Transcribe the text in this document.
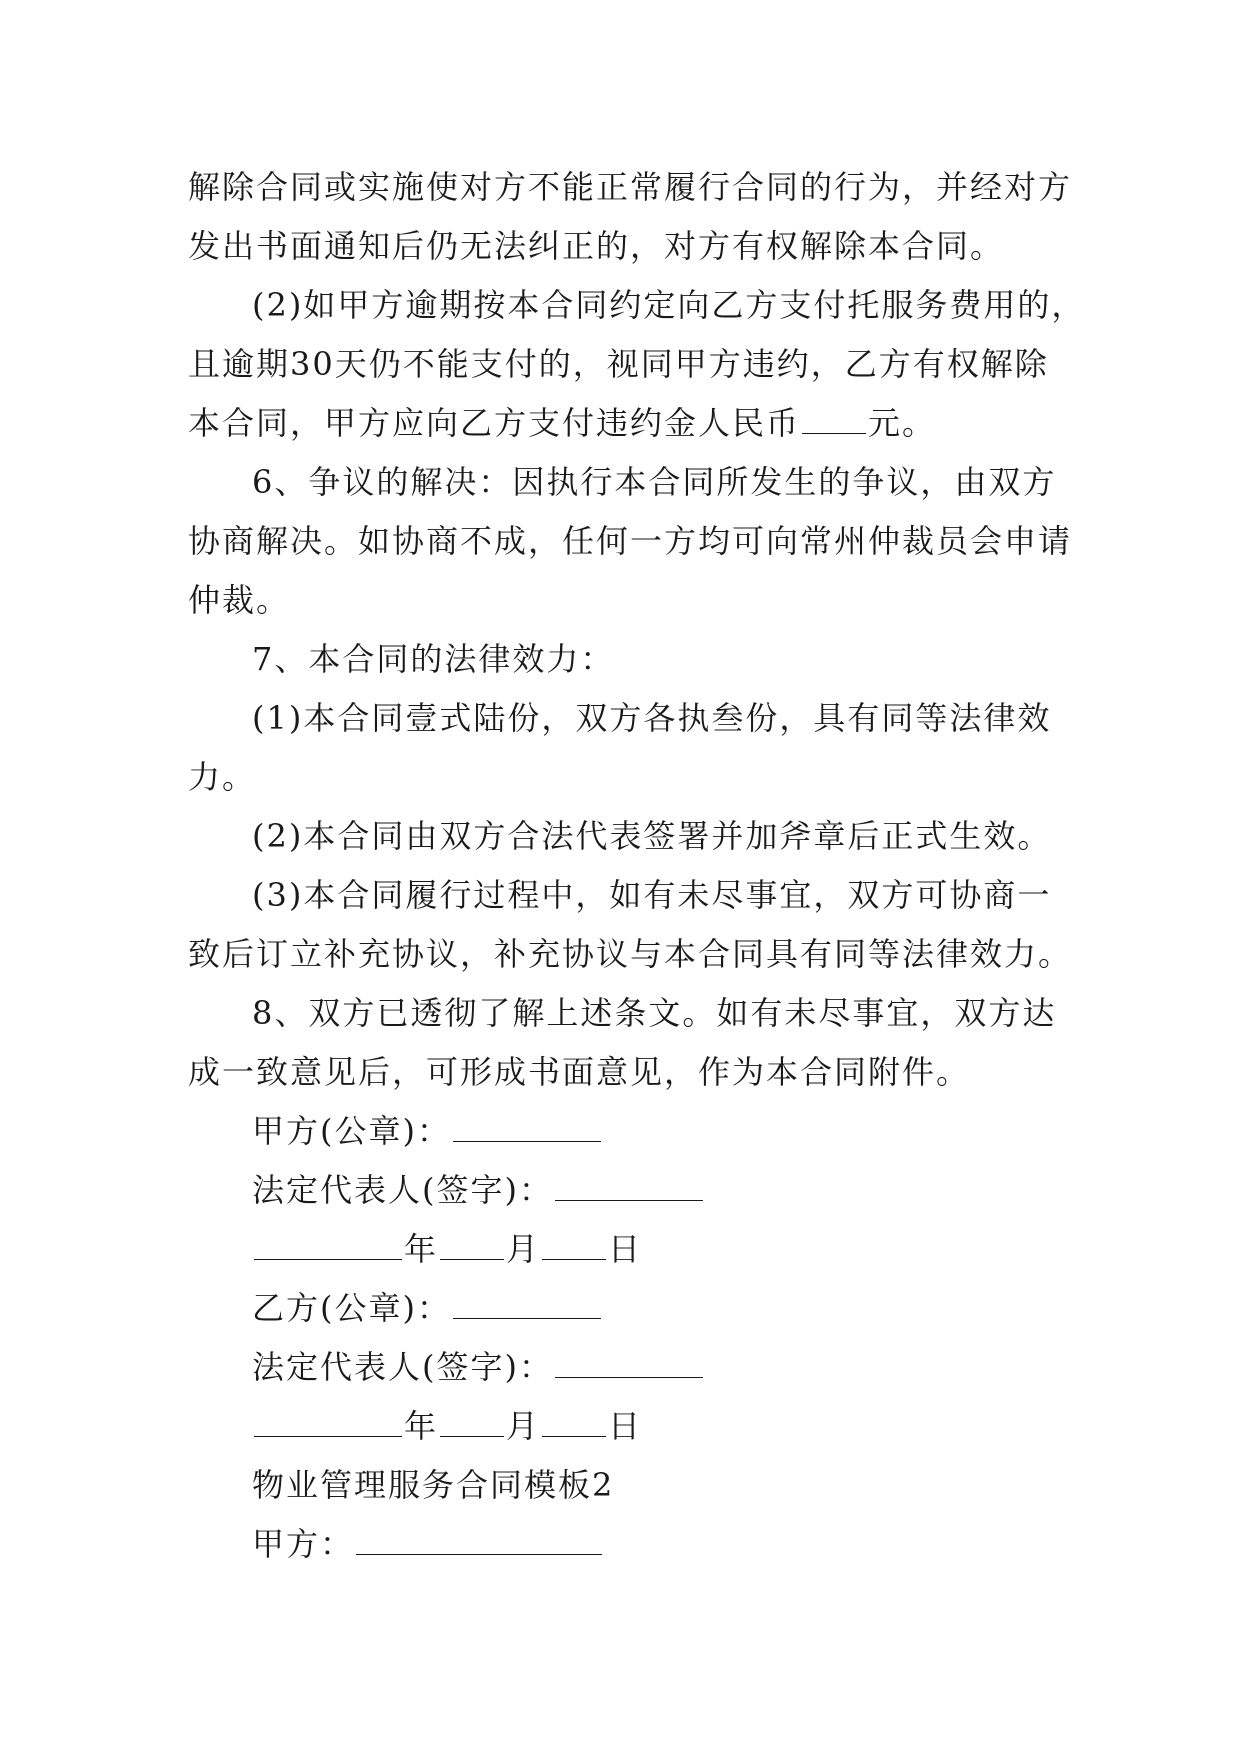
解除合同或实施使对方不能正常履行合同的行为，并经对方
发出书面通知后仍无法纠正的，对方有权解除本合同。
(2)如甲方逾期按本合同约定向乙方支付托服务费用的，
且逾期30天仍不能支付的，视同甲方违约，乙方有权解除
本合同，甲方应向乙方支付违约金人民币 元。
6、争议的解决：因执行本合同所发生的争议，由双方
协商解决。如协商不成，任何一方均可向常州仲裁员会申请
仲裁。
7、本合同的法律效力：
(1)本合同壹式陆份，双方各执叁份，具有同等法律效
力。
(2)本合同由双方合法代表签署并加斧章后正式生效。
(3)本合同履行过程中，如有未尽事宜，双方可协商一
致后订立补充协议，补充协议与本合同具有同等法律效力。
8、双方已透彻了解上述条文。如有未尽事宜，双方达
成一致意见后，可形成书面意见，作为本合同附件。
甲方(公章)：
法定代表人(签字)：
年 月 日
乙方(公章)：
法定代表人(签字)：
年 月 日
物业管理服务合同模板2
甲方：
